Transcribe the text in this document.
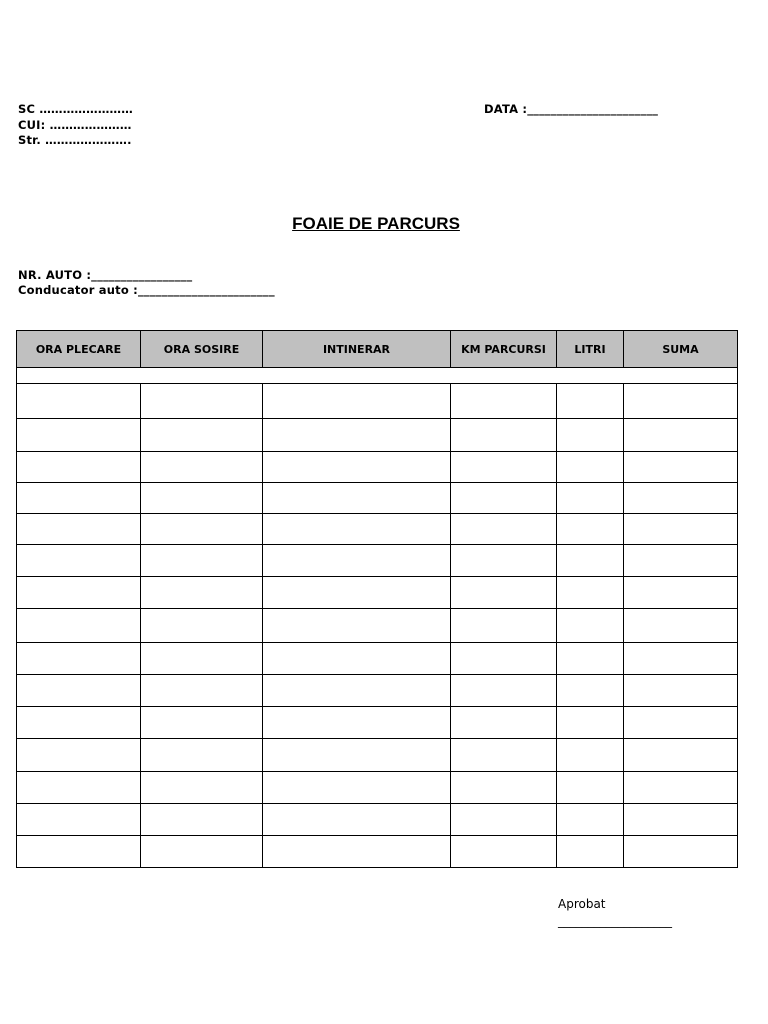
SC ……………………
CUI: …………………
Str. ………………….
DATA :______________________
FOAIE DE PARCURS
NR. AUTO :_________________
Conducator auto :_______________________
ORA PLECARE	ORA SOSIRE	INTINERAR	KM PARCURSI	LITRI	SUMA

Aprobat
___________________
